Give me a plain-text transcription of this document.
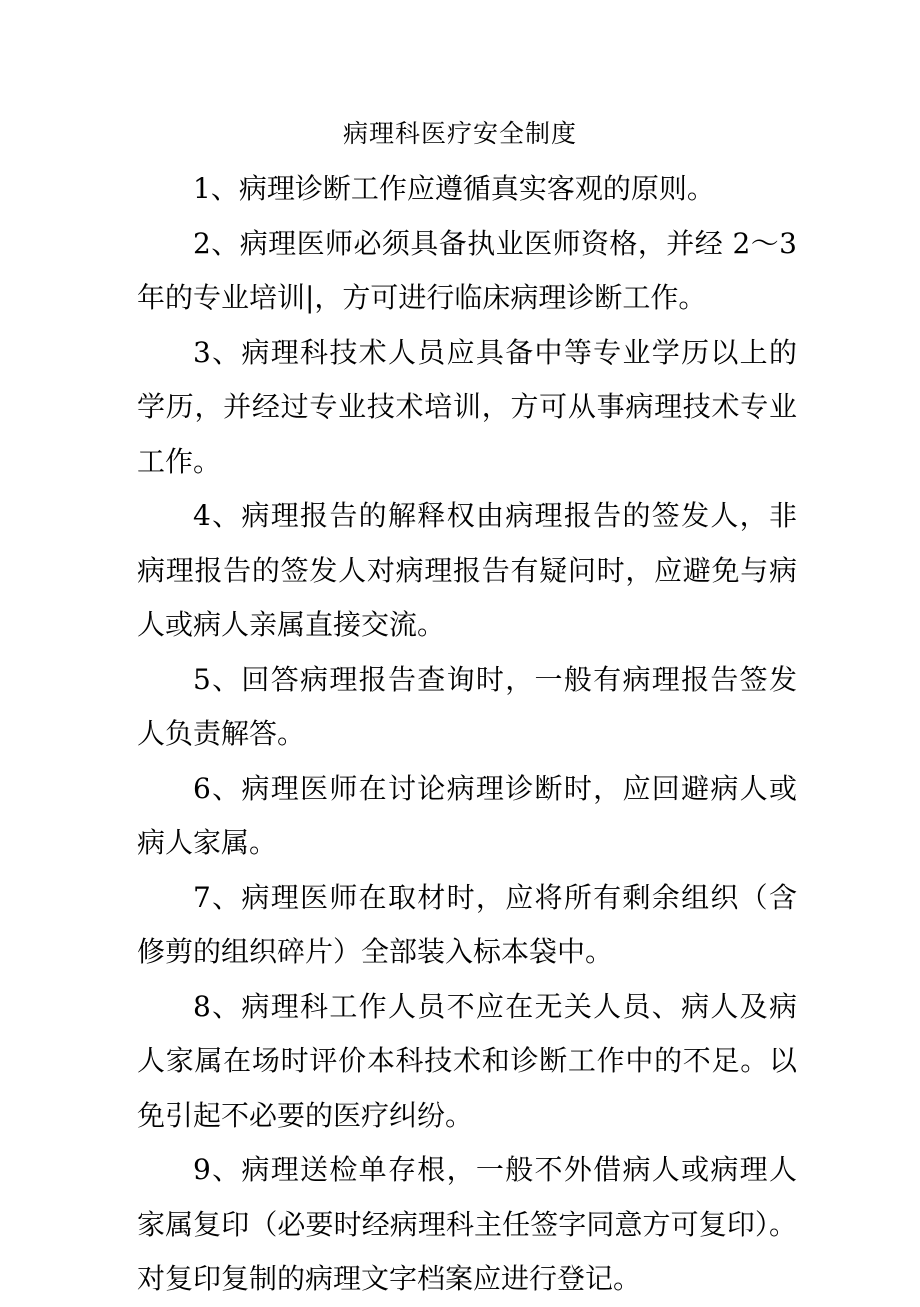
病理科医疗安全制度

1、病理诊断工作应遵循真实客观的原则。

2、病理医师必须具备执业医师资格，并经 2～3 年的专业培训|，方可进行临床病理诊断工作。

3、病理科技术人员应具备中等专业学历以上的学历，并经过专业技术培训，方可从事病理技术专业工作。

4、病理报告的解释权由病理报告的签发人，非病理报告的签发人对病理报告有疑问时，应避免与病人或病人亲属直接交流。

5、回答病理报告查询时，一般有病理报告签发人负责解答。

6、病理医师在讨论病理诊断时，应回避病人或病人家属。

7、病理医师在取材时，应将所有剩余组织（含修剪的组织碎片）全部装入标本袋中。

8、病理科工作人员不应在无关人员、病人及病人家属在场时评价本科技术和诊断工作中的不足。以免引起不必要的医疗纠纷。

9、病理送检单存根，一般不外借病人或病理人家属复印（必要时经病理科主任签字同意方可复印）。对复印复制的病理文字档案应进行登记。
